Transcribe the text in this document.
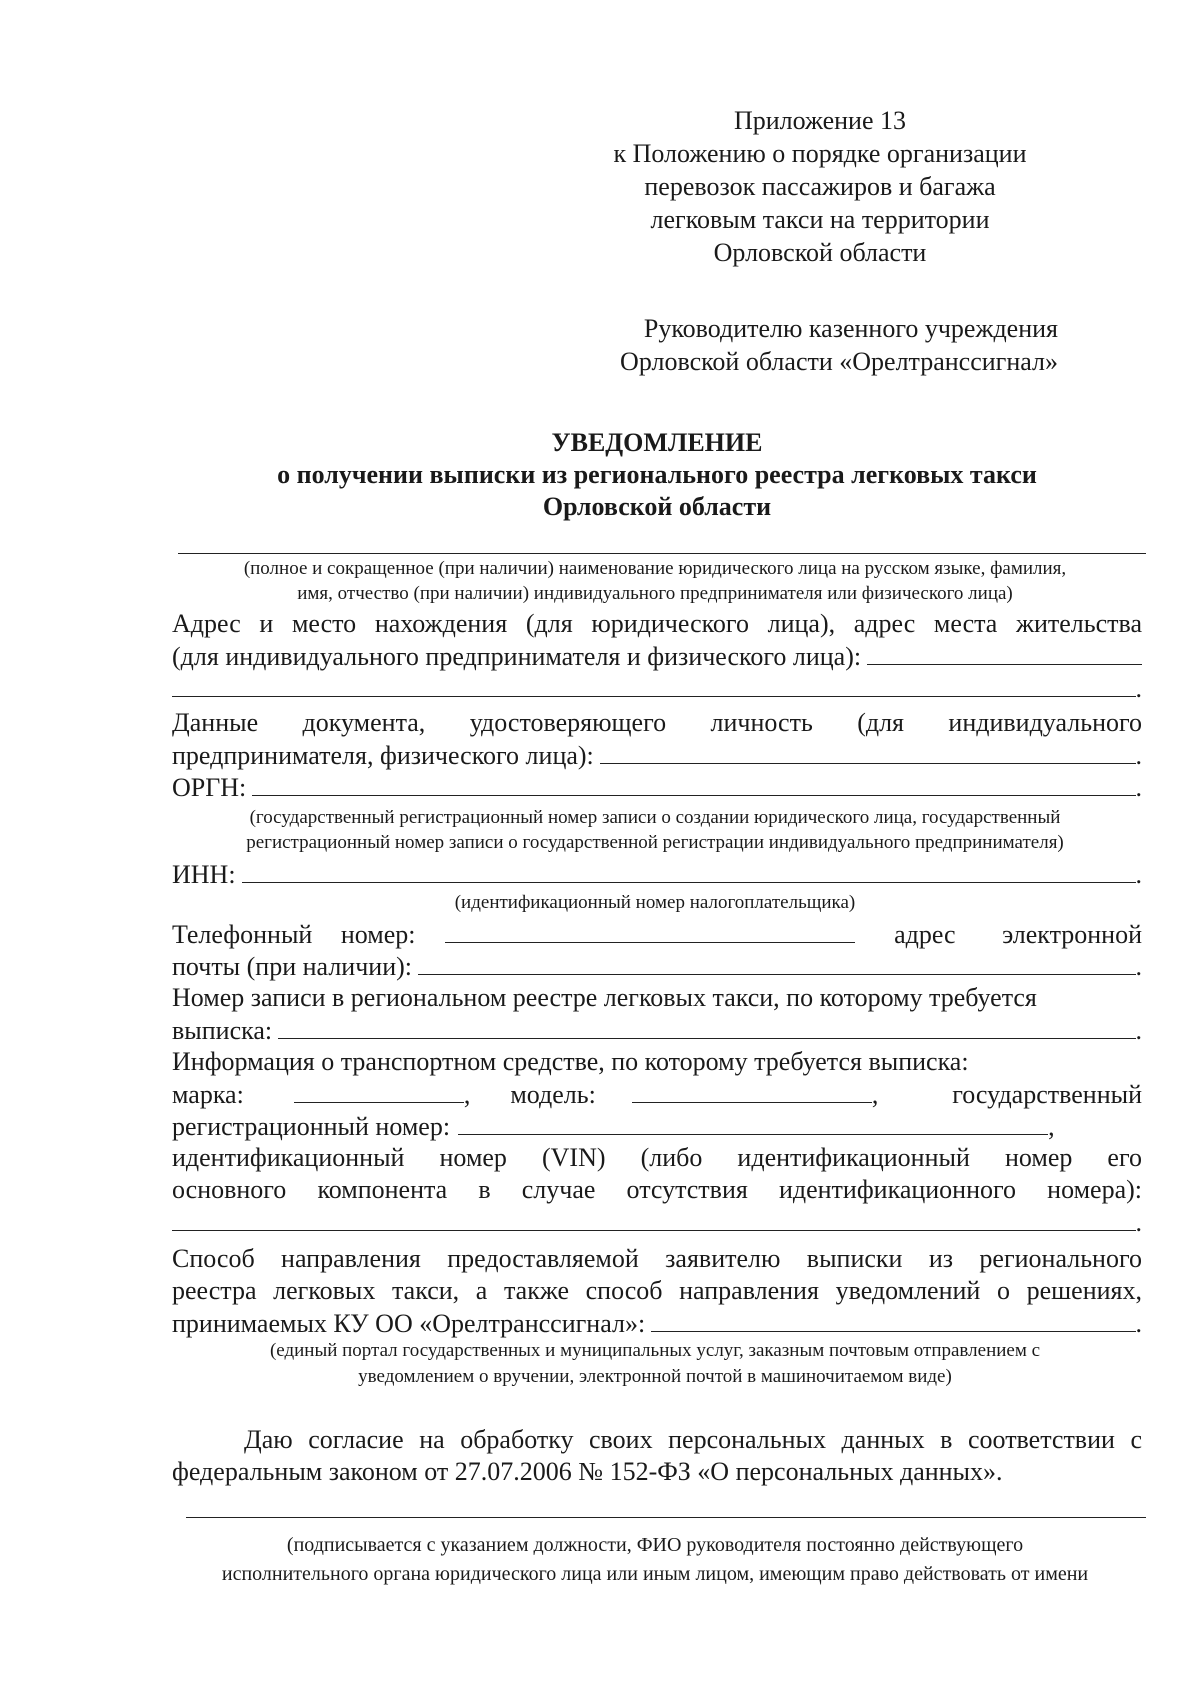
Приложение 13
к Положению о порядке организации
перевозок пассажиров и багажа
легковым такси на территории
Орловской области
Руководителю казенного учреждения
Орловской области «Орелтранссигнал»
УВЕДОМЛЕНИЕ
о получении выписки из регионального реестра легковых такси
Орловской области
(полное и сокращенное (при наличии) наименование юридического лица на русском языке, фамилия,
имя, отчество (при наличии) индивидуального предпринимателя или физического лица)
Адрес и место нахождения (для юридического лица), адрес места жительства
(для индивидуального предпринимателя и физического лица):
.
Данные документа, удостоверяющего личность (для индивидуального
предпринимателя, физического лица):	.
ОРГН:	.
(государственный регистрационный номер записи о создании юридического лица, государственный
регистрационный номер записи о государственной регистрации индивидуального предпринимателя)
ИНН:	.
(идентификационный номер налогоплательщика)
Телефонный номер:	адрес электронной
почты (при наличии):	.
Номер записи в региональном реестре легковых такси, по которому требуется
выписка:	.
Информация о транспортном средстве, по которому требуется выписка:
марка:	, модель:	,	государственный
регистрационный номер:	,
идентификационный номер (VIN) (либо идентификационный номер его
основного компонента в случае отсутствия идентификационного номера):
.
Способ направления предоставляемой заявителю выписки из регионального
реестра легковых такси, а также способ направления уведомлений о решениях,
принимаемых КУ ОО «Орелтранссигнал»:	.
(единый портал государственных и муниципальных услуг, заказным почтовым отправлением с
уведомлением о вручении, электронной почтой в машиночитаемом виде)
Даю согласие на обработку своих персональных данных в соответствии с
федеральным законом от 27.07.2006 № 152-ФЗ «О персональных данных».
(подписывается с указанием должности, ФИО руководителя постоянно действующего
исполнительного органа юридического лица или иным лицом, имеющим право действовать от имени
